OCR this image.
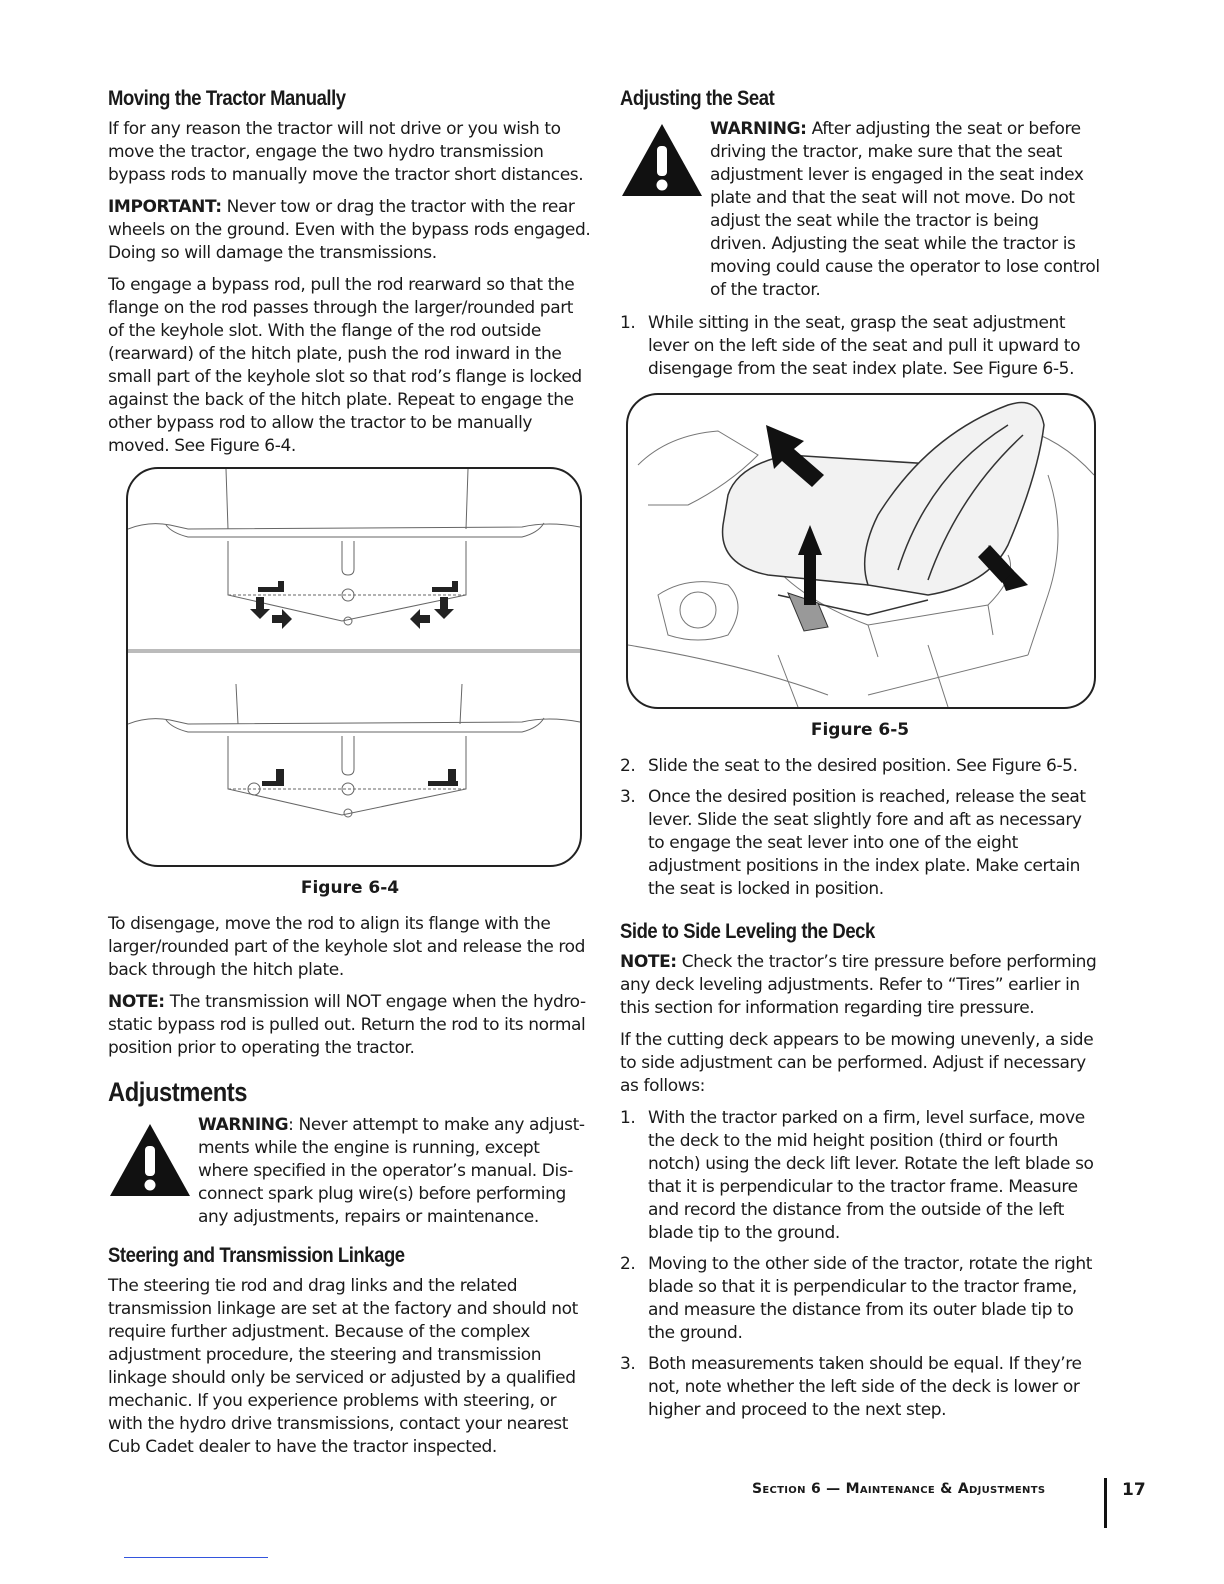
Moving the Tractor Manually

If for any reason the tractor will not drive or you wish to move the tractor, engage the two hydro transmission bypass rods to manually move the tractor short distances.

IMPORTANT: Never tow or drag the tractor with the rear wheels on the ground. Even with the bypass rods engaged. Doing so will damage the transmissions.

To engage a bypass rod, pull the rod rearward so that the flange on the rod passes through the larger/rounded part of the keyhole slot. With the flange of the rod outside (rearward) of the hitch plate, push the rod inward in the small part of the keyhole slot so that rod’s flange is locked against the back of the hitch plate. Repeat to engage the other bypass rod to allow the tractor to be manually moved. See Figure 6-4.

Figure 6-4

To disengage, move the rod to align its flange with the larger/rounded part of the keyhole slot and release the rod back through the hitch plate.

NOTE: The transmission will NOT engage when the hydro-static bypass rod is pulled out. Return the rod to its normal position prior to operating the tractor.

Adjustments

WARNING: Never attempt to make any adjust-ments while the engine is running, except where specified in the operator’s manual. Dis-connect spark plug wire(s) before performing any adjustments, repairs or maintenance.

Steering and Transmission Linkage

The steering tie rod and drag links and the related transmission linkage are set at the factory and should not require further adjustment. Because of the complex adjustment procedure, the steering and transmission linkage should only be serviced or adjusted by a qualified mechanic. If you experience problems with steering, or with the hydro drive transmissions, contact your nearest Cub Cadet dealer to have the tractor inspected.

Adjusting the Seat

WARNING: After adjusting the seat or before driving the tractor, make sure that the seat adjustment lever is engaged in the seat index plate and that the seat will not move. Do not adjust the seat while the tractor is being driven. Adjusting the seat while the tractor is moving could cause the operator to lose control of the tractor.

1. While sitting in the seat, grasp the seat adjustment lever on the left side of the seat and pull it upward to disengage from the seat index plate. See Figure 6-5.
Figure 6-5
2. Slide the seat to the desired position. See Figure 6-5.
3. Once the desired position is reached, release the seat lever. Slide the seat slightly fore and aft as necessary to engage the seat lever into one of the eight adjustment positions in the index plate. Make certain the seat is locked in position.
Side to Side Leveling the Deck

NOTE: Check the tractor’s tire pressure before performing any deck leveling adjustments. Refer to “Tires” earlier in this section for information regarding tire pressure.

If the cutting deck appears to be mowing unevenly, a side to side adjustment can be performed. Adjust if necessary as follows:

1. With the tractor parked on a firm, level surface, move the deck to the mid height position (third or fourth notch) using the deck lift lever. Rotate the left blade so that it is perpendicular to the tractor frame. Measure and record the distance from the outside of the left blade tip to the ground.
2. Moving to the other side of the tractor, rotate the right blade so that it is perpendicular to the tractor frame, and measure the distance from its outer blade tip to the ground.
3. Both measurements taken should be equal. If they’re not, note whether the left side of the deck is lower or higher and proceed to the next step.
Section 6 — Maintenance & Adjustments	17
